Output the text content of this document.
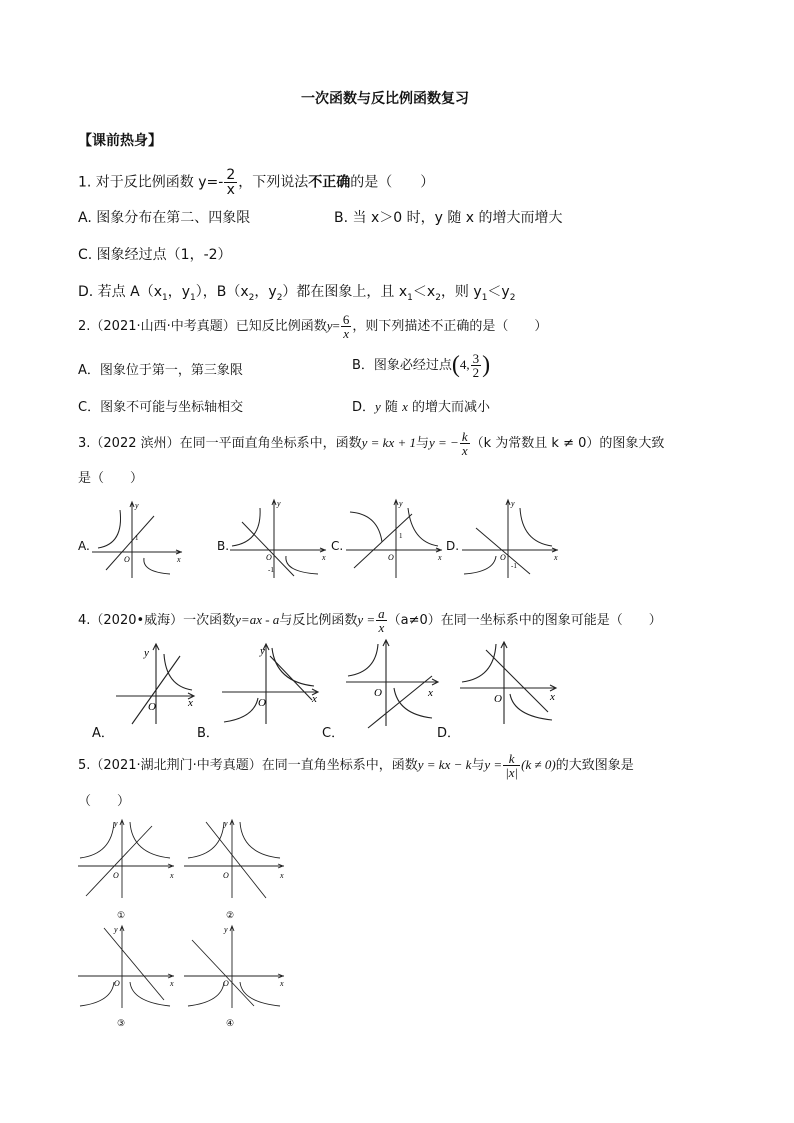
一次函数与反比例函数复习
【课前热身】
1. 对于反比例函数 $y=- \frac{2}{x}$ ，下列说法不正确的是（　　）
A. 图象分布在第二、四象限	B. 当 x＞0 时，y 随 x 的增大而增大
C. 图象经过点（1，-2）
D. 若点 $A(x_1$，$y_1$），$B(x_2$，$y_2$）都在图象上，且 $x_1<x_2$，则 $y_1<y_2$
2.（2021·山西·中考真题）已知反比例函数$y= \frac{6}{x}$ ，则下列描述不正确的是（　　）
A．图象位于第一，第三象限	B．图象必经过点(4, $\frac{3}{2}$ )
C．图象不可能与坐标轴相交	D．y 随 x 的增大而减小
3.（2022 滨州）在同一平面直角坐标系中，函数y = kx + 1与y = − $\frac{k}{x} (k$ 为常数且 k ≠ 0）的图象大致
是（　　）
A.	B.	C.	D.
x
y
O
1
x
y
O
-1
x
y
O
1
x
y
O
-1
4.（2020•威海）一次函数y=ax - a与反比例函数$y = \frac{a}{x} (a\ne 0)$在同一坐标系中的图象可能是（　　）
A．	B．	C．	D．
x
y
O
x
y
O
x
O	x
O
5.（2021·湖北荆门·中考真题）在同一直角坐标系中，函数y = kx − k与$y = \frac{k}{|x|} (k \ne 0)$的大致图象是
（　　）
x
y
O
①
x
y
O
②
x
y
O
③
x
y
O
④
